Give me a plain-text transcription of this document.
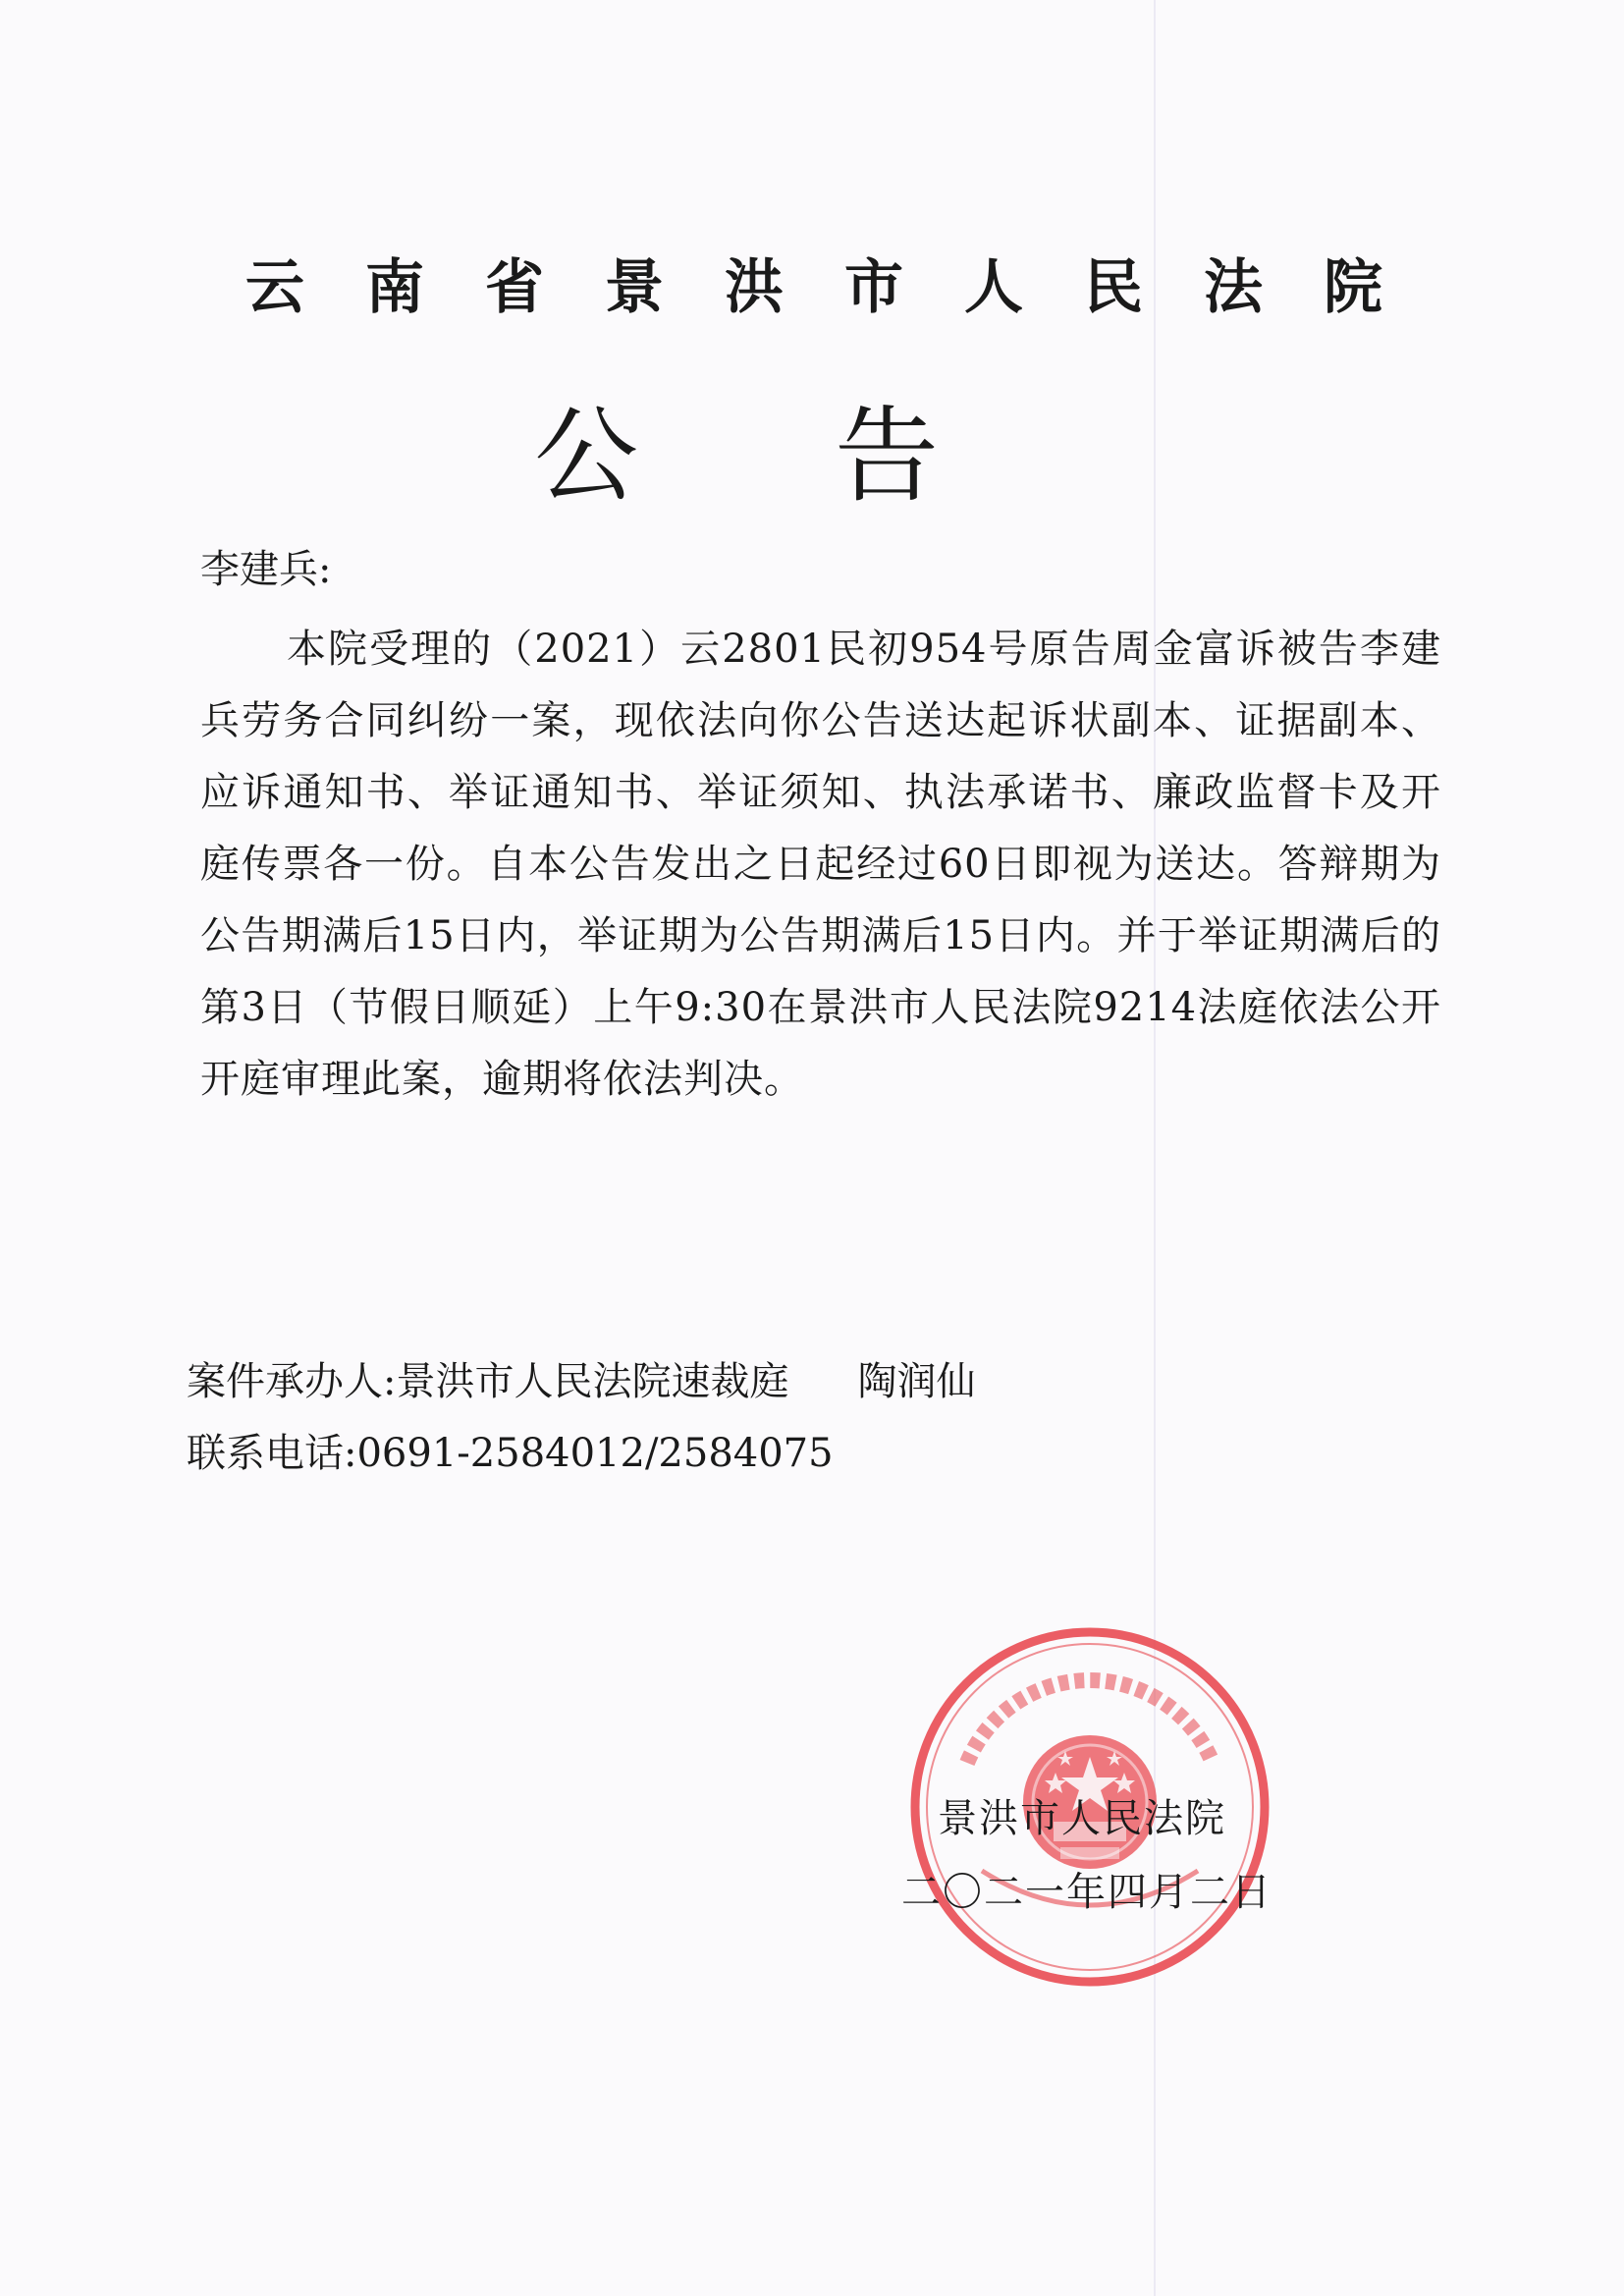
云南省景洪市人民法院
公告
李建兵:

本院受理的（2021）云2801民初954号原告周金富诉被告李建兵劳务合同纠纷一案，现依法向你公告送达起诉状副本、证据副本、应诉通知书、举证通知书、举证须知、执法承诺书、廉政监督卡及开庭传票各一份。自本公告发出之日起经过60日即视为送达。答辩期为公告期满后15日内，举证期为公告期满后15日内。并于举证期满后的第3日（节假日顺延）上午9:30在景洪市人民法院9214法庭依法公开开庭审理此案，逾期将依法判决。

案件承办人:景洪市人民法院速裁庭 陶润仙
联系电话:0691-2584012/2584075
景洪市人民法院
二〇二一年四月二日
